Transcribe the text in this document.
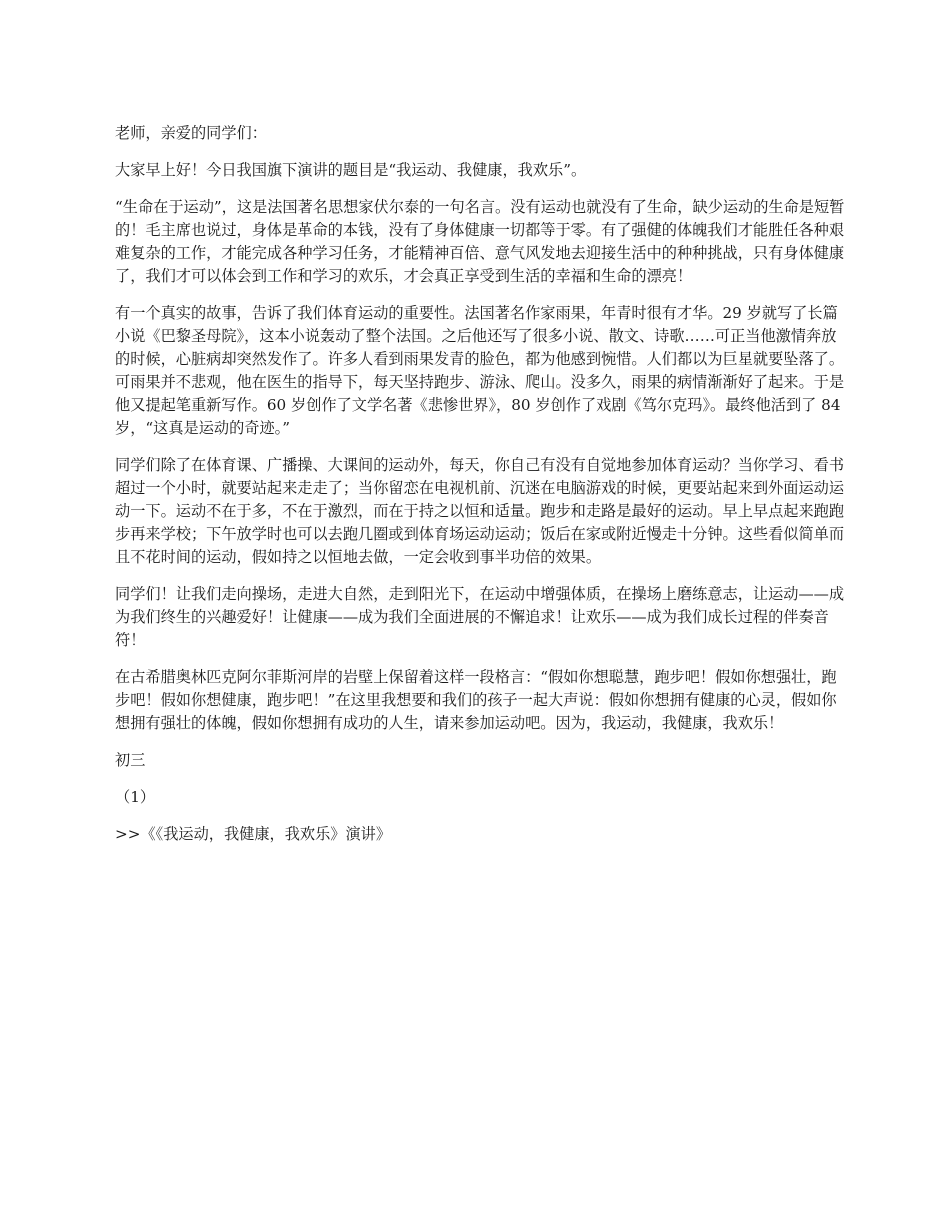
老师，亲爱的同学们：

大家早上好！今日我国旗下演讲的题目是“我运动、我健康，我欢乐”。

“生命在于运动”，这是法国著名思想家伏尔泰的一句名言。没有运动也就没有了生命，缺少运动的生命是短暂的！毛主席也说过，身体是革命的本钱，没有了身体健康一切都等于零。有了强健的体魄我们才能胜任各种艰难复杂的工作，才能完成各种学习任务，才能精神百倍、意气风发地去迎接生活中的种种挑战，只有身体健康了，我们才可以体会到工作和学习的欢乐，才会真正享受到生活的幸福和生命的漂亮！

有一个真实的故事，告诉了我们体育运动的重要性。法国著名作家雨果，年青时很有才华。29 岁就写了长篇小说《巴黎圣母院》，这本小说轰动了整个法国。之后他还写了很多小说、散文、诗歌……可正当他激情奔放的时候，心脏病却突然发作了。许多人看到雨果发青的脸色，都为他感到惋惜。人们都以为巨星就要坠落了。可雨果并不悲观，他在医生的指导下，每天坚持跑步、游泳、爬山。没多久，雨果的病情渐渐好了起来。于是他又提起笔重新写作。60 岁创作了文学名著《悲惨世界》，80 岁创作了戏剧《笃尔克玛》。最终他活到了 84 岁，“这真是运动的奇迹。”

同学们除了在体育课、广播操、大课间的运动外，每天，你自己有没有自觉地参加体育运动？当你学习、看书超过一个小时，就要站起来走走了；当你留恋在电视机前、沉迷在电脑游戏的时候，更要站起来到外面运动运动一下。运动不在于多，不在于激烈，而在于持之以恒和适量。跑步和走路是最好的运动。早上早点起来跑跑步再来学校；下午放学时也可以去跑几圈或到体育场运动运动；饭后在家或附近慢走十分钟。这些看似简单而且不花时间的运动，假如持之以恒地去做，一定会收到事半功倍的效果。

同学们！让我们走向操场，走进大自然，走到阳光下，在运动中增强体质，在操场上磨练意志，让运动——成为我们终生的兴趣爱好！让健康——成为我们全面进展的不懈追求！让欢乐——成为我们成长过程的伴奏音符！

在古希腊奥林匹克阿尔菲斯河岸的岩壁上保留着这样一段格言：“假如你想聪慧，跑步吧！假如你想强壮，跑步吧！假如你想健康，跑步吧！”在这里我想要和我们的孩子一起大声说：假如你想拥有健康的心灵，假如你想拥有强壮的体魄，假如你想拥有成功的人生，请来参加运动吧。因为，我运动，我健康，我欢乐！

初三

（1）

>>《《我运动，我健康，我欢乐》演讲》
